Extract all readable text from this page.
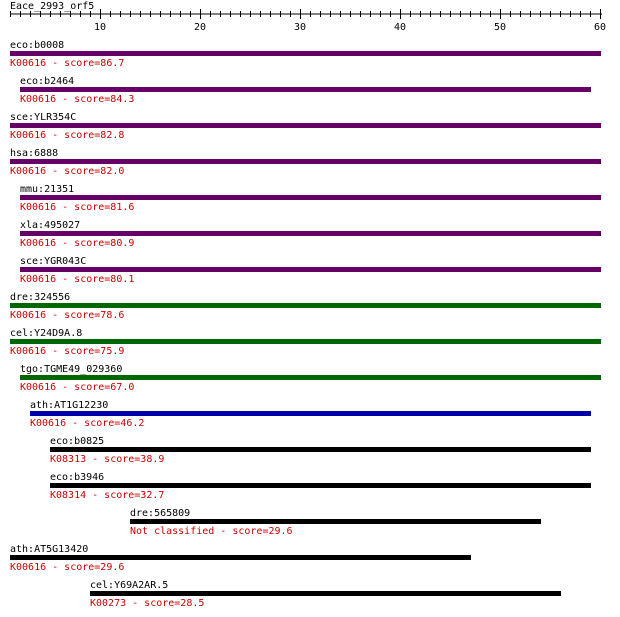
Eace_2993_orf5
10	20	30	40	50	60
eco:b0008
K00616 - score=86.7
eco:b2464
K00616 - score=84.3
sce:YLR354C
K00616 - score=82.8
hsa:6888
K00616 - score=82.0
mmu:21351
K00616 - score=81.6
xla:495027
K00616 - score=80.9
sce:YGR043C
K00616 - score=80.1
dre:324556
K00616 - score=78.6
cel:Y24D9A.8
K00616 - score=75.9
tgo:TGME49_029360
K00616 - score=67.0
ath:AT1G12230
K00616 - score=46.2
eco:b0825
K08313 - score=38.9
eco:b3946
K08314 - score=32.7
dre:565809
Not classified - score=29.6
ath:AT5G13420
K00616 - score=29.6
cel:Y69A2AR.5
K00273 - score=28.5
